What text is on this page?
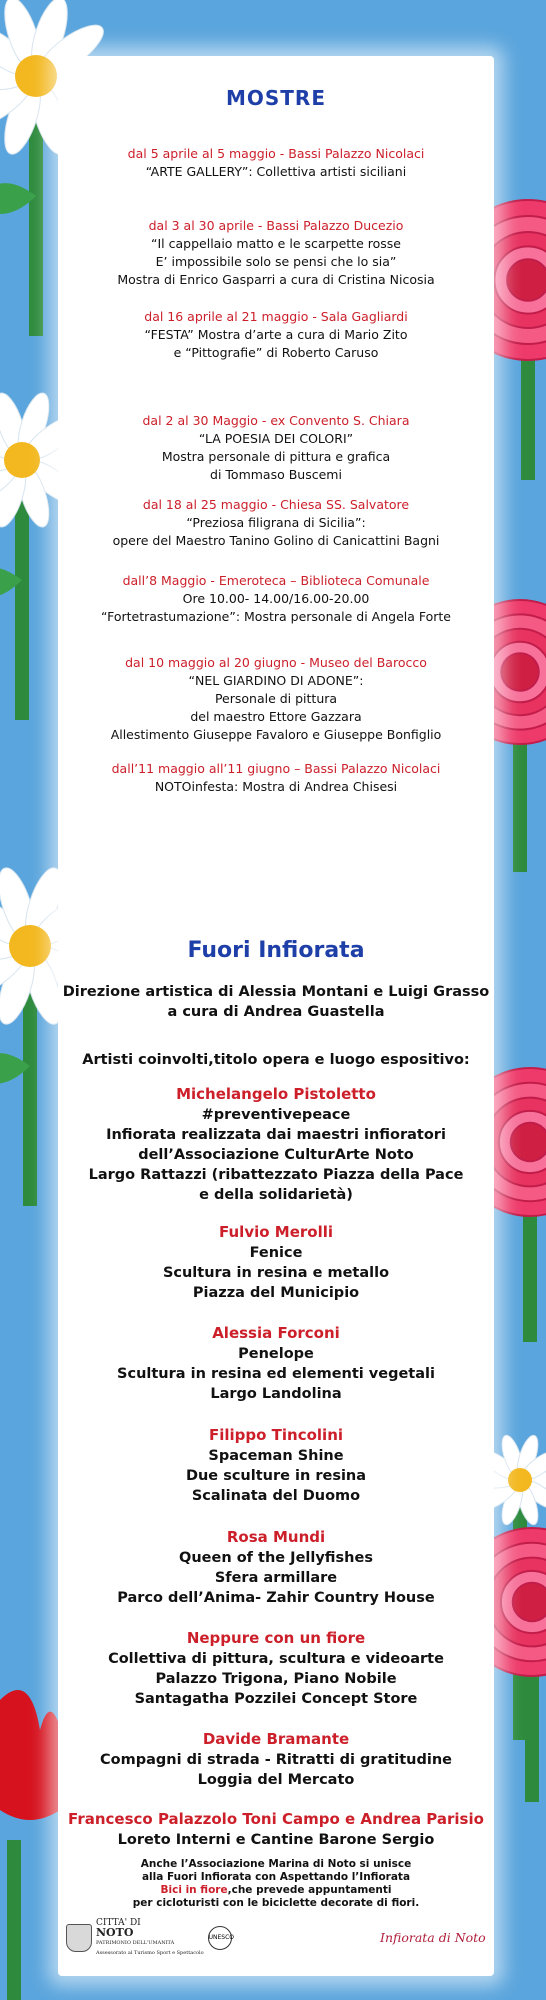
MOSTRE
dal 5 aprile al 5 maggio - Bassi Palazzo Nicolaci
“ARTE GALLERY”: Collettiva artisti siciliani
dal 3 al 30 aprile - Bassi Palazzo Ducezio
“Il cappellaio matto e le scarpette rosse
E’ impossibile solo se pensi che lo sia”
Mostra di Enrico Gasparri a cura di Cristina Nicosia
dal 16 aprile al 21 maggio - Sala Gagliardi
“FESTA” Mostra d’arte a cura di Mario Zito
e “Pittografie” di Roberto Caruso
dal 2 al 30 Maggio - ex Convento S. Chiara
“LA POESIA DEI COLORI”
Mostra personale di pittura e grafica
di Tommaso Buscemi
dal 18 al 25 maggio - Chiesa SS. Salvatore
“Preziosa filigrana di Sicilia”:
opere del Maestro Tanino Golino di Canicattini Bagni
dall’8 Maggio - Emeroteca – Biblioteca Comunale
Ore 10.00- 14.00/16.00-20.00
“Fortetrastumazione”: Mostra personale di Angela Forte
dal 10 maggio al 20 giugno - Museo del Barocco
“NEL GIARDINO DI ADONE”:
Personale di pittura
del maestro Ettore Gazzara
Allestimento Giuseppe Favaloro e Giuseppe Bonfiglio
dall’11 maggio all’11 giugno – Bassi Palazzo Nicolaci
NOTOinfesta: Mostra di Andrea Chisesi
Fuori Infiorata
Direzione artistica di Alessia Montani e Luigi Grasso
a cura di Andrea Guastella
Artisti coinvolti,titolo opera e luogo espositivo:
Michelangelo Pistoletto
#preventivepeace
Infiorata realizzata dai maestri infioratori
dell’Associazione CulturArte Noto
Largo Rattazzi (ribattezzato Piazza della Pace
e della solidarietà)
Fulvio Merolli
Fenice
Scultura in resina e metallo
Piazza del Municipio
Alessia Forconi
Penelope
Scultura in resina ed elementi vegetali
Largo Landolina
Filippo Tincolini
Spaceman Shine
Due sculture in resina
Scalinata del Duomo
Rosa Mundi
Queen of the Jellyfishes
Sfera armillare
Parco dell’Anima- Zahir Country House
Neppure con un fiore
Collettiva di pittura, scultura e videoarte
Palazzo Trigona, Piano Nobile
Santagatha Pozzilei Concept Store
Davide Bramante
Compagni di strada - Ritratti di gratitudine
Loggia del Mercato
Francesco Palazzolo Toni Campo e Andrea Parisio
Loreto Interni e Cantine Barone Sergio
Anche l’Associazione Marina di Noto si unisce
alla Fuori Infiorata con Aspettando l’Infiorata
Bici in fiore,che prevede appuntamenti
per cicloturisti con le biciclette decorate di fiori.
CITTA' DI
NOTO
PATRIMONIO DELL'UMANITÀ
Assessorato al Turismo Sport e Spettacolo
UNESCO	Infiorata di Noto
